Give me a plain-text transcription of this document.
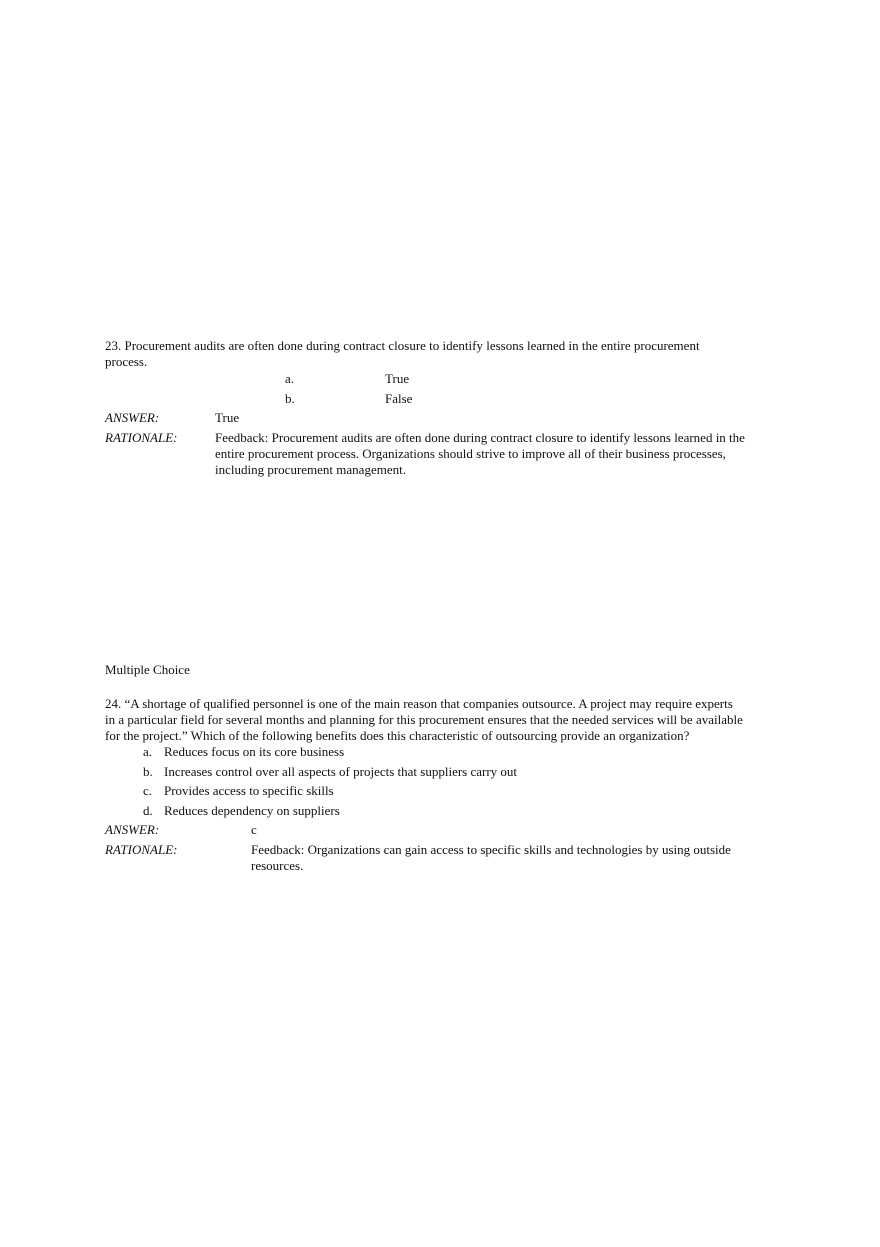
23. Procurement audits are often done during contract closure to identify lessons learned in the entire procurement
process.
a.	True
b.	False
ANSWER:	True
RATIONALE:	Feedback: Procurement audits are often done during contract closure to identify lessons learned in the
entire procurement process. Organizations should strive to improve all of their business processes,
including procurement management.
Multiple Choice
24. “A shortage of qualified personnel is one of the main reason that companies outsource. A project may require experts
in a particular field for several months and planning for this procurement ensures that the needed services will be available
for the project.” Which of the following benefits does this characteristic of outsourcing provide an organization?
a. Reduces focus on its core business
b. Increases control over all aspects of projects that suppliers carry out
c. Provides access to specific skills
d. Reduces dependency on suppliers
ANSWER:	c
RATIONALE:	Feedback: Organizations can gain access to specific skills and technologies by using outside
resources.
